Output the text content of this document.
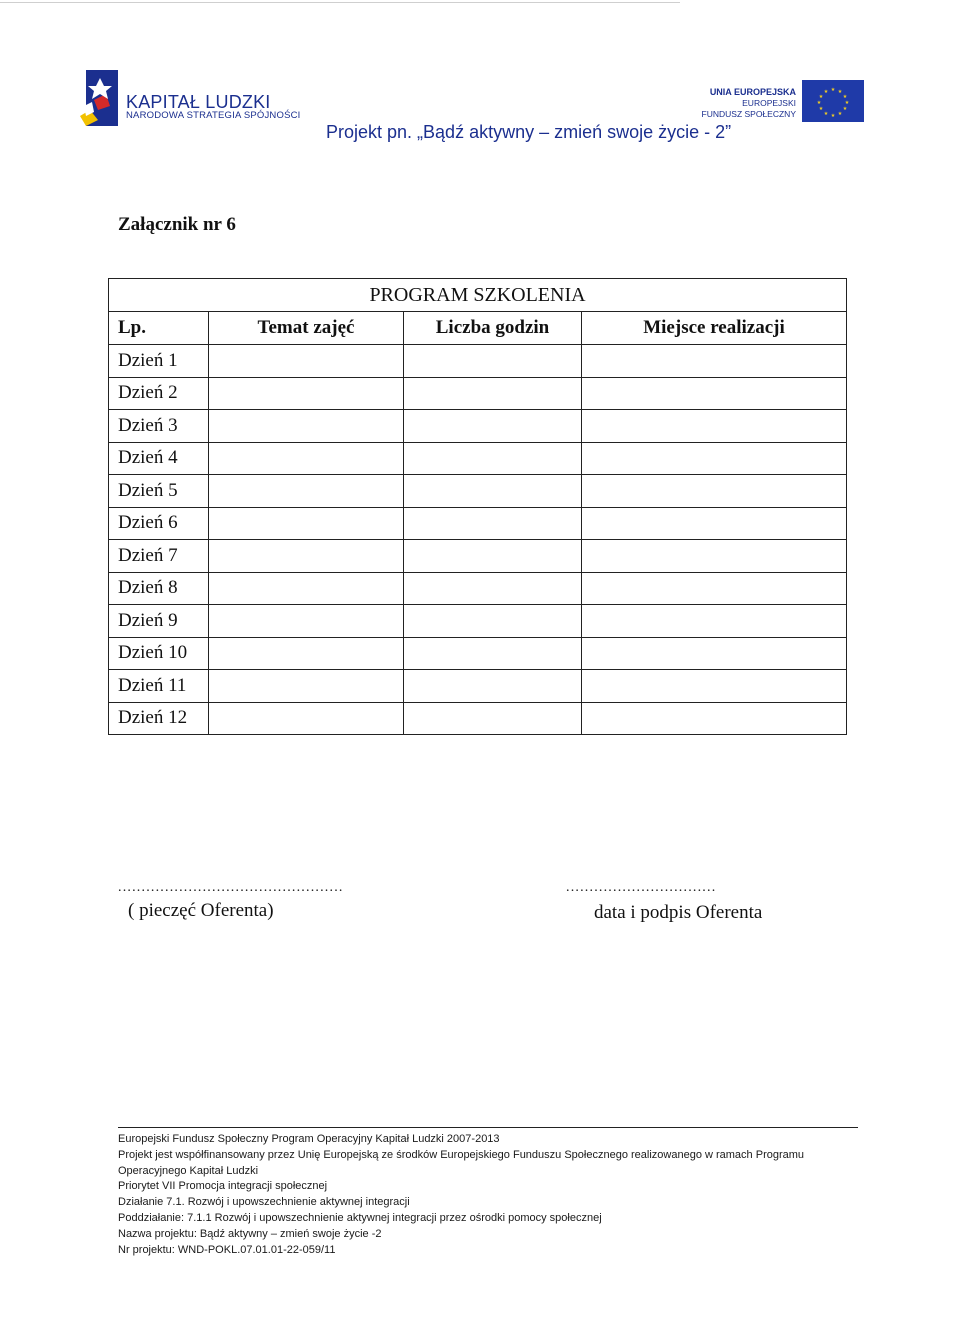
KAPITAŁ LUDZKI
NARODOWA STRATEGIA SPÓJNOŚCI
UNIA EUROPEJSKA
EUROPEJSKI
FUNDUSZ SPOŁECZNY
★ ★
★
★
★
★
★
★
★
★
★
★
Projekt pn. „Bądź aktywny – zmień swoje życie - 2”
Załącznik nr 6
PROGRAM SZKOLENIA			
Lp.	Temat zajęć	Liczba godzin	Miejsce realizacji
Dzień 1			
Dzień 2			
Dzień 3			
Dzień 4			
Dzień 5			
Dzień 6			
Dzień 7			
Dzień 8			
Dzień 9			
Dzień 10			
Dzień 11			
Dzień 12			
................................................	................................
( pieczęć Oferenta)	data i podpis Oferenta
Europejski Fundusz Społeczny Program Operacyjny Kapitał Ludzki 2007-2013
Projekt jest współfinansowany przez Unię Europejską ze środków Europejskiego Funduszu Społecznego realizowanego w ramach Programu
Operacyjnego Kapitał Ludzki
Priorytet VII Promocja integracji społecznej
Działanie 7.1. Rozwój i upowszechnienie aktywnej integracji
Poddziałanie: 7.1.1 Rozwój i upowszechnienie aktywnej integracji przez ośrodki pomocy społecznej
Nazwa projektu: Bądź aktywny – zmień swoje życie -2
Nr projektu: WND-POKL.07.01.01-22-059/11
